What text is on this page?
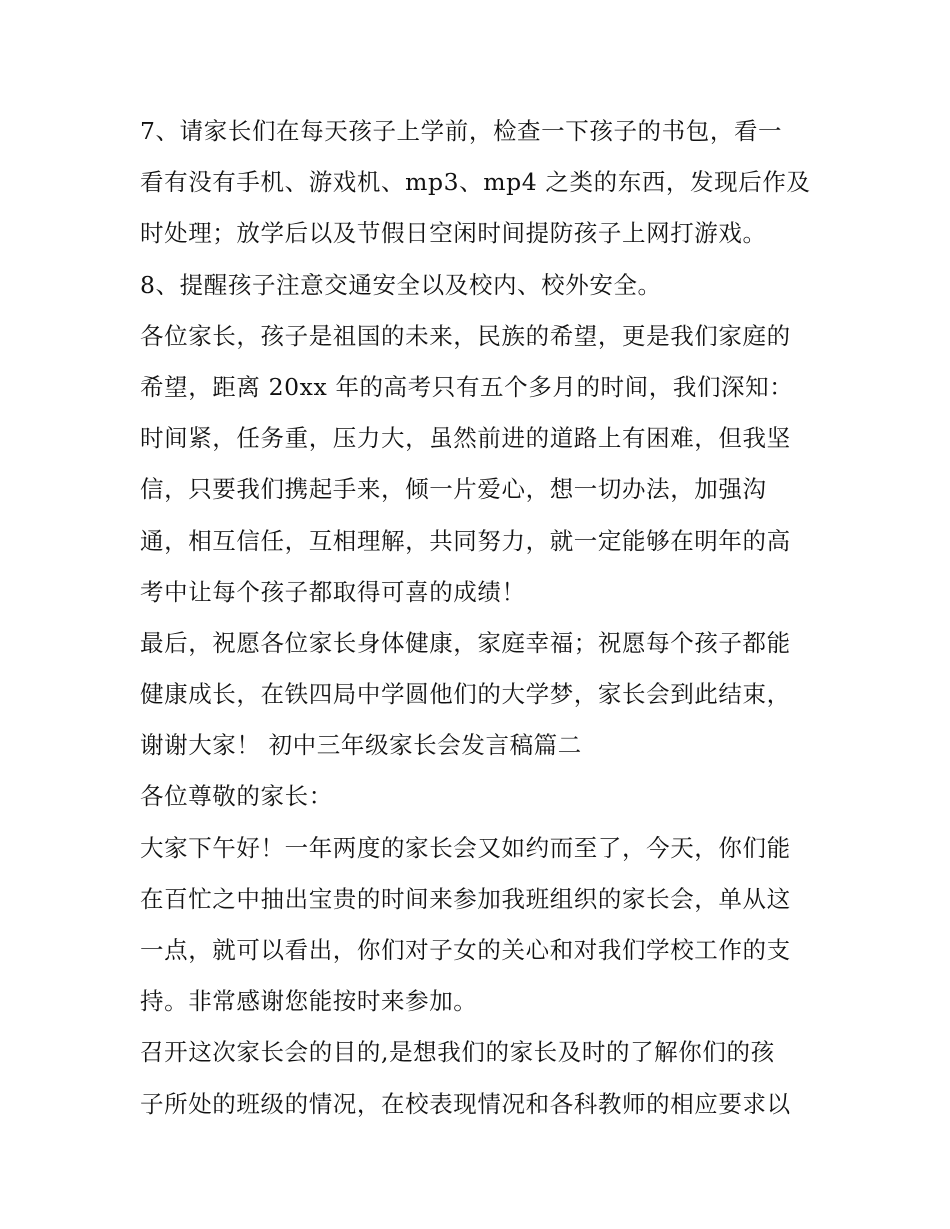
7、请家长们在每天孩子上学前，检查一下孩子的书包，看一
看有没有手机、游戏机、mp3、mp4 之类的东西，发现后作及
时处理；放学后以及节假日空闲时间提防孩子上网打游戏。
8、提醒孩子注意交通安全以及校内、校外安全。
各位家长，孩子是祖国的未来，民族的希望，更是我们家庭的
希望，距离 20xx 年的高考只有五个多月的时间，我们深知：
时间紧，任务重，压力大，虽然前进的道路上有困难，但我坚
信，只要我们携起手来，倾一片爱心，想一切办法，加强沟
通，相互信任，互相理解，共同努力，就一定能够在明年的高
考中让每个孩子都取得可喜的成绩！
最后，祝愿各位家长身体健康，家庭幸福；祝愿每个孩子都能
健康成长，在铁四局中学圆他们的大学梦，家长会到此结束，
谢谢大家！ 初中三年级家长会发言稿篇二
各位尊敬的家长：
大家下午好！一年两度的家长会又如约而至了，今天，你们能
在百忙之中抽出宝贵的时间来参加我班组织的家长会，单从这
一点，就可以看出，你们对子女的关心和对我们学校工作的支
持。非常感谢您能按时来参加。
召开这次家长会的目的,是想我们的家长及时的了解你们的孩
子所处的班级的情况，在校表现情况和各科教师的相应要求以
